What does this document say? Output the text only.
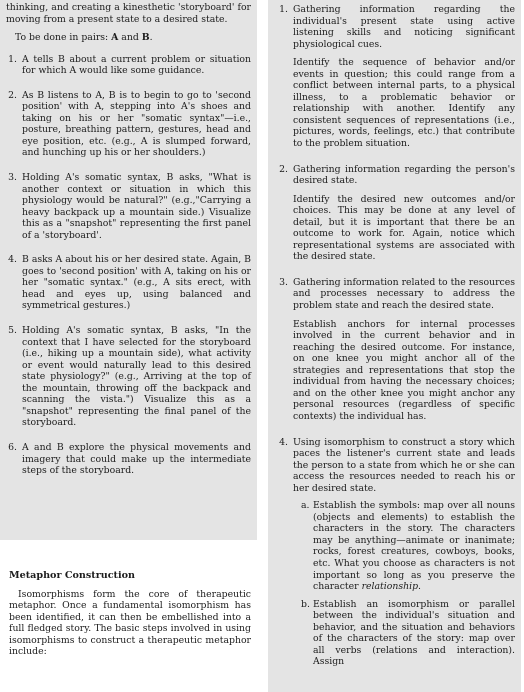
thinking, and creating a kinesthetic 'storyboard' for moving from a present state to a desired state.

To be done in pairs: A and B.

1. A tells B about a current problem or situation for which A would like some guidance.
2. As B listens to A, B is to begin to go to 'second position' with A, stepping into A's shoes and taking on his or her "somatic syntax"—i.e., posture, breathing pattern, gestures, head and eye position, etc. (e.g., A is slumped forward, and hunching up his or her shoulders.)
3. Holding A's somatic syntax, B asks, "What is another context or situation in which this physiology would be natural?" (e.g.,"Carrying a heavy backpack up a mountain side.) Visualize this as a "snapshot" representing the first panel of a 'storyboard'.
4. B asks A about his or her desired state. Again, B goes to 'second position' with A, taking on his or her "somatic syntax." (e.g., A sits erect, with head and eyes up, using balanced and symmetrical gestures.)
5. Holding A's somatic syntax, B asks, "In the context that I have selected for the storyboard (i.e., hiking up a mountain side), what activity or event would naturally lead to this desired state physiology?" (e.g., Arriving at the top of the mountain, throwing off the backpack and scanning the vista.") Visualize this as a "snapshot" representing the final panel of the storyboard.
6. A and B explore the physical movements and imagery that could make up the intermediate steps of the storyboard.

Metaphor Construction

Isomorphisms form the core of therapeutic metaphor. Once a fundamental isomorphism has been identified, it can then be embellished into a full fledged story. The basic steps involved in using isomorphisms to construct a therapeutic metaphor include:

1. Gathering information regarding the individual's present state using active listening skills and noticing significant physiological cues.

Identify the sequence of behavior and/or events in question; this could range from a conflict between internal parts, to a physical illness, to a problematic behavior or relationship with another. Identify any consistent sequences of representations (i.e., pictures, words, feelings, etc.) that contribute to the problem situation.

2. Gathering information regarding the person's desired state.

Identify the desired new outcomes and/or choices. This may be done at any level of detail, but it is important that there be an outcome to work for. Again, notice which representational systems are associated with the desired state.

3. Gathering information related to the resources and processes necessary to address the problem state and reach the desired state.

Establish anchors for internal processes involved in the current behavior and in reaching the desired outcome. For instance, on one knee you might anchor all of the strategies and representations that stop the individual from having the necessary choices; and on the other knee you might anchor any personal resources (regardless of specific contexts) the individual has.

4. Using isomorphism to construct a story which paces the listener's current state and leads the person to a state from which he or she can access the resources needed to reach his or her desired state.

a. Establish the symbols: map over all nouns (objects and elements) to establish the characters in the story. The characters may be anything—animate or inanimate; rocks, forest creatures, cowboys, books, etc. What you choose as characters is not important so long as you preserve the character relationship.
b. Establish an isomorphism or parallel between the individual's situation and behavior, and the situation and behaviors of the characters of the story: map over all verbs (relations and interaction). Assign
